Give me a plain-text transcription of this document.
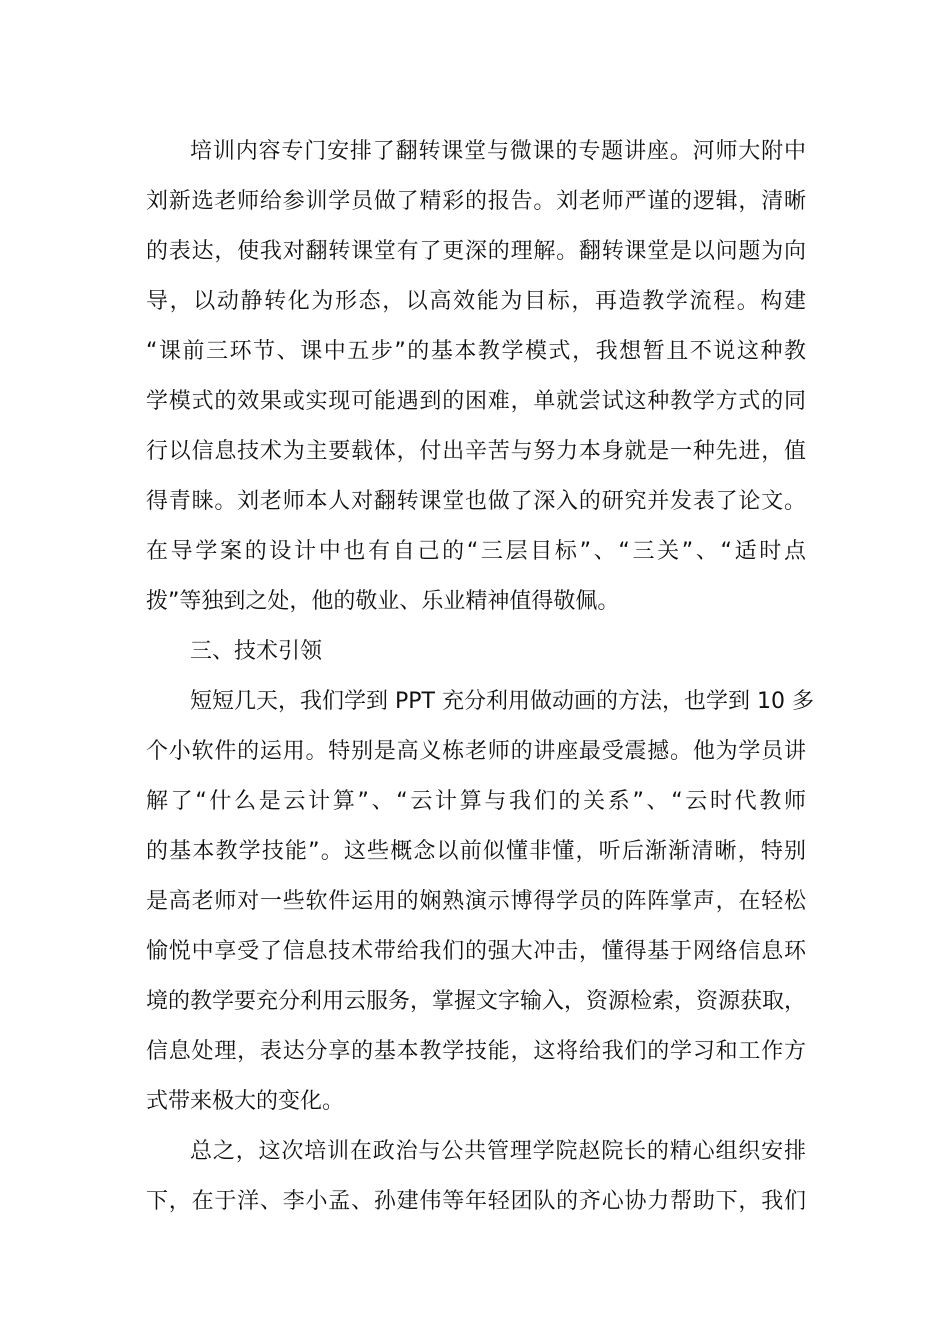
培训内容专门安排了翻转课堂与微课的专题讲座。河师大附中
刘新选老师给参训学员做了精彩的报告。刘老师严谨的逻辑，清晰
的表达，使我对翻转课堂有了更深的理解。翻转课堂是以问题为向
导，以动静转化为形态，以高效能为目标，再造教学流程。构建
“课前三环节、课中五步”的基本教学模式，我想暂且不说这种教
学模式的效果或实现可能遇到的困难，单就尝试这种教学方式的同
行以信息技术为主要载体，付出辛苦与努力本身就是一种先进，值
得青睐。刘老师本人对翻转课堂也做了深入的研究并发表了论文。
在导学案的设计中也有自己的“三层目标”、“三关”、“适时点
拨”等独到之处，他的敬业、乐业精神值得敬佩。
三、技术引领
短短几天，我们学到 PPT 充分利用做动画的方法，也学到 10 多
个小软件的运用。特别是高义栋老师的讲座最受震撼。他为学员讲
解了“什么是云计算”、“云计算与我们的关系”、“云时代教师
的基本教学技能”。这些概念以前似懂非懂，听后渐渐清晰，特别
是高老师对一些软件运用的娴熟演示博得学员的阵阵掌声，在轻松
愉悦中享受了信息技术带给我们的强大冲击，懂得基于网络信息环
境的教学要充分利用云服务，掌握文字输入，资源检索，资源获取，
信息处理，表达分享的基本教学技能，这将给我们的学习和工作方
式带来极大的变化。
总之，这次培训在政治与公共管理学院赵院长的精心组织安排
下，在于洋、李小孟、孙建伟等年轻团队的齐心协力帮助下，我们
